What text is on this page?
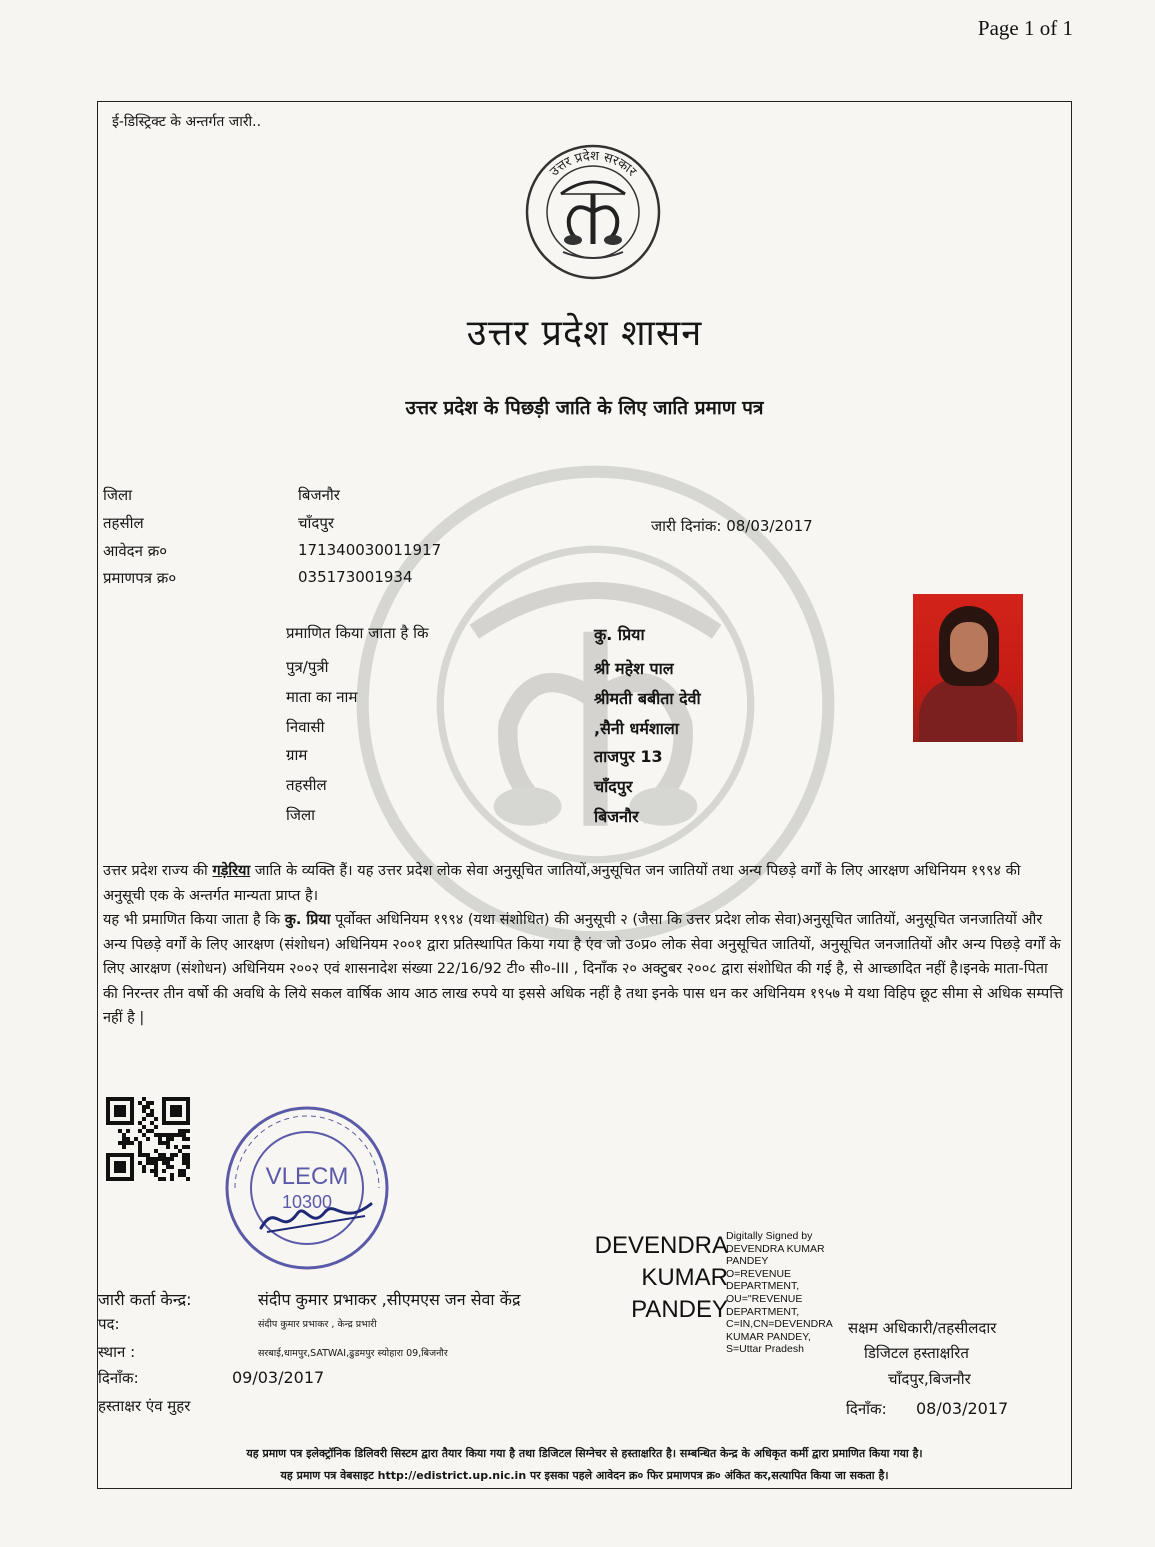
Page 1 of 1
ई-डिस्ट्रिक्ट के अन्तर्गत जारी..
उत्तर प्रदेश सरकार
उत्तर प्रदेश शासन
उत्तर प्रदेश के पिछड़ी जाति के लिए जाति प्रमाण पत्र
जिला	बिजनौर
तहसील	चाँदपुर
आवेदन क्र०	171340030011917
प्रमाणपत्र क्र०	035173001934
जारी दिनांक: 08/03/2017
प्रमाणित किया जाता है कि	कु. प्रिया
पुत्र/पुत्री	श्री महेश पाल
माता का नाम	श्रीमती बबीता देवी
निवासी	,सैनी धर्मशाला
ग्राम	ताजपुर 13
तहसील	चाँदपुर
जिला	बिजनौर

उत्तर प्रदेश राज्य की गड़ेरिया जाति के व्यक्ति हैं। यह उत्तर प्रदेश लोक सेवा अनुसूचित जातियों,अनुसूचित जन जातियों तथा अन्य पिछड़े वर्गों के लिए आरक्षण अधिनियम १९९४ की अनुसूची एक के अन्तर्गत मान्यता प्राप्त है।

यह भी प्रमाणित किया जाता है कि कु. प्रिया पूर्वोक्त अधिनियम १९९४ (यथा संशोधित) की अनुसूची २ (जैसा कि उत्तर प्रदेश लोक सेवा)अनुसूचित जातियों, अनुसूचित जनजातियों और अन्य पिछड़े वर्गों के लिए आरक्षण (संशोधन) अधिनियम २००१ द्वारा प्रतिस्थापित किया गया है एंव जो उ०प्र० लोक सेवा अनुसूचित जातियों, अनुसूचित जनजातियों और अन्य पिछड़े वर्गों के लिए आरक्षण (संशोधन) अधिनियम २००२ एवं शासनादेश संख्या 22/16/92 टी० सी०-III , दिनाँक २० अक्टुबर २००८ द्वारा संशोधित की गई है, से आच्छादित नहीं है।इनके माता-पिता की निरन्तर तीन वर्षो की अवधि के लिये सकल वार्षिक आय आठ लाख रुपये या इससे अधिक नहीं है तथा इनके पास धन कर अधिनियम १९५७ मे यथा विहिप छूट सीमा से अधिक सम्पत्ति नहीं है |

VLECM
10300
DEVENDRA
KUMAR
PANDEY
Digitally Signed by
DEVENDRA KUMAR
PANDEY
O=REVENUE
DEPARTMENT,
OU="REVENUE
DEPARTMENT,
C=IN,CN=DEVENDRA
KUMAR PANDEY,
S=Uttar Pradesh
जारी कर्ता केन्द्र:	संदीप कुमार प्रभाकर ,सीएमएस जन सेवा केंद्र
पद:	संदीप कुमार प्रभाकर , केन्द्र प्रभारी
स्थान :	सरबाई,धामपुर,SATWAI,ढुडमपुर स्योहारा 09,बिजनौर
दिनाँक:	09/03/2017
हस्ताक्षर एंव मुहर
सक्षम अधिकारी/तहसीलदार
डिजिटल हस्ताक्षरित
चाँदपुर,बिजनौर
दिनाँक: 08/03/2017
यह प्रमाण पत्र इलेक्ट्रॉनिक डिलिवरी सिस्टम द्वारा तैयार किया गया है तथा डिजिटल सिग्नेचर से हस्ताक्षरित है। सम्बन्धित केन्द्र के अधिकृत कर्मी द्वारा प्रमाणित किया गया है।
यह प्रमाण पत्र वेबसाइट http://edistrict.up.nic.in पर इसका पहले आवेदन क्र० फिर प्रमाणपत्र क्र० अंकित कर,सत्यापित किया जा सकता है।
